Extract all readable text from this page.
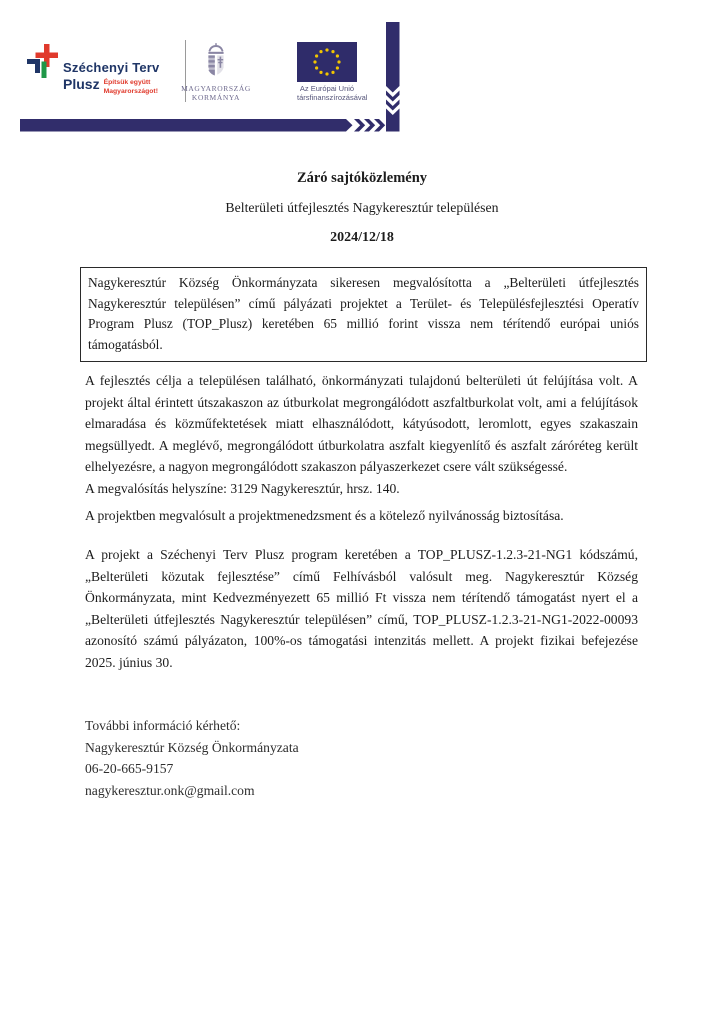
Széchenyi Terv
Plusz Építsük együtt
Magyarországot!	MAGYARORSZÁG
KORMÁNYA
Az Európai Unió
társfinanszírozásával
Záró sajtóközlemény
Belterületi útfejlesztés Nagykeresztúr településen
2024/12/18

Nagykeresztúr Község Önkormányzata sikeresen megvalósította a „Belterületi útfejlesztés Nagykeresztúr településen” című pályázati projektet a Terület- és Településfejlesztési Operatív Program Plusz (TOP_Plusz) keretében 65 millió forint vissza nem térítendő európai uniós támogatásból.

A fejlesztés célja a településen található, önkormányzati tulajdonú belterületi út felújítása volt. A projekt által érintett útszakaszon az útburkolat megrongálódott aszfaltburkolat volt, ami a felújítások elmaradása és közműfektetések miatt elhasználódott, kátyúsodott, leromlott, egyes szakaszain megsüllyedt. A meglévő, megrongálódott útburkolatra aszfalt kiegyenlítő és aszfalt záróréteg került elhelyezésre, a nagyon megrongálódott szakaszon pályaszerkezet csere vált szükségessé.
A megvalósítás helyszíne: 3129 Nagykeresztúr, hrsz. 140.
A projektben megvalósult a projektmenedzsment és a kötelező nyilvánosság biztosítása.
A projekt a Széchenyi Terv Plusz program keretében a TOP_PLUSZ-1.2.3-21-NG1 kódszámú, „Belterületi közutak fejlesztése” című Felhívásból valósult meg. Nagykeresztúr Község Önkormányzata, mint Kedvezményezett 65 millió Ft vissza nem térítendő támogatást nyert el a „Belterületi útfejlesztés Nagykeresztúr településen” című, TOP_PLUSZ-1.2.3-21-NG1-2022-00093 azonosító számú pályázaton, 100%-os támogatási intenzitás mellett. A projekt fizikai befejezése 2025. június 30.
További információ kérhető:
Nagykeresztúr Község Önkormányzata
06-20-665-9157
nagykeresztur.onk@gmail.com
